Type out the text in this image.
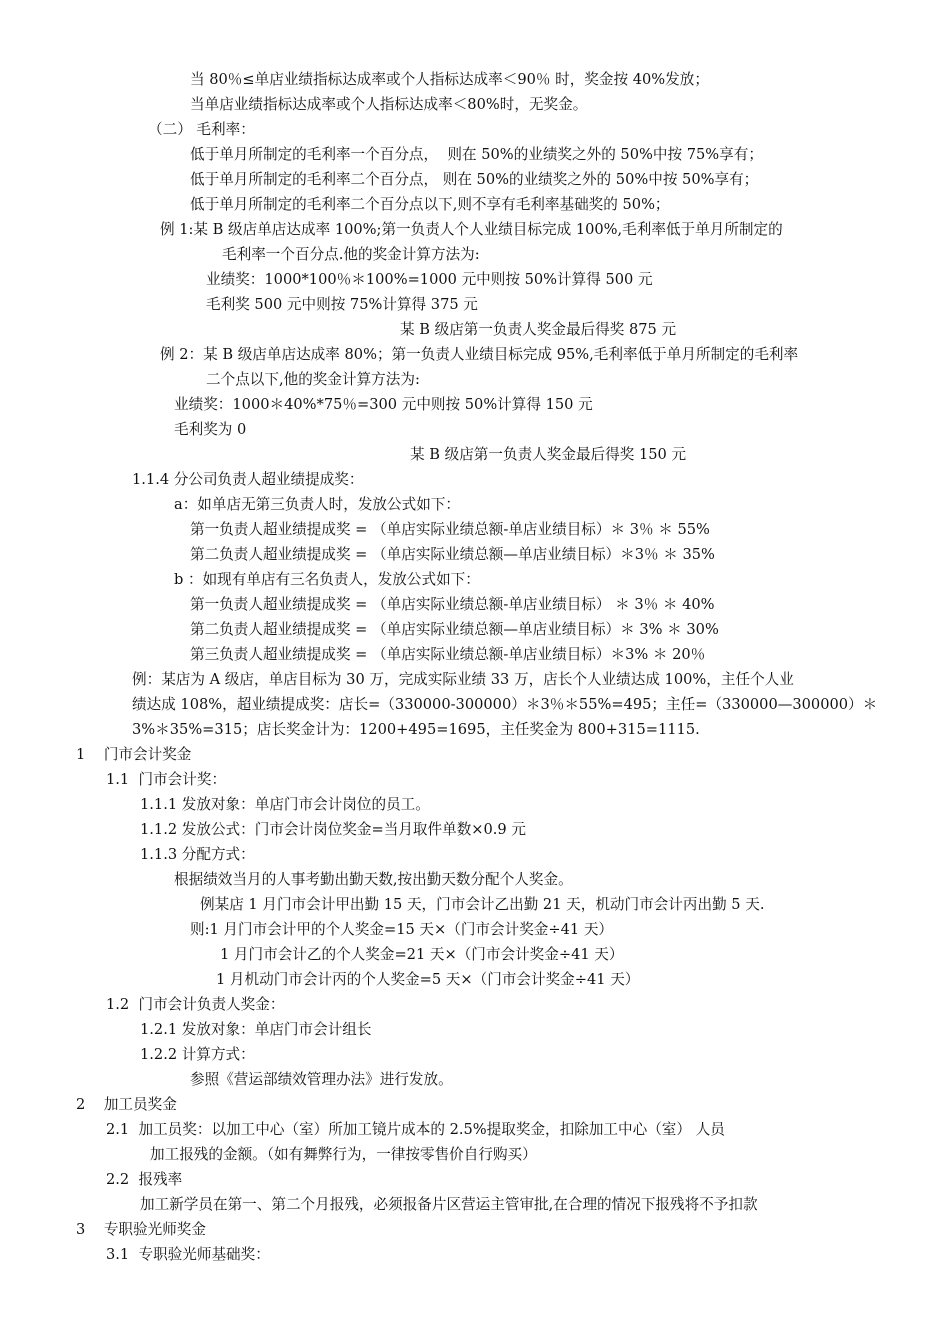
当 80％≤单店业绩指标达成率或个人指标达成率＜90％ 时，奖金按 40%发放；
当单店业绩指标达成率或个人指标达成率＜80%时，无奖金。
（二） 毛利率：
低于单月所制定的毛利率一个百分点，  则在 50%的业绩奖之外的 50%中按 75%享有；
低于单月所制定的毛利率二个百分点， 则在 50%的业绩奖之外的 50%中按 50%享有；
低于单月所制定的毛利率二个百分点以下,则不享有毛利率基础奖的 50%；
例 1:某 B 级店单店达成率 100%;第一负责人个人业绩目标完成 100%,毛利率低于单月所制定的
毛利率一个百分点.他的奖金计算方法为:
业绩奖：1000*100％＊100%=1000 元中则按 50%计算得 500 元
毛利奖 500 元中则按 75%计算得 375 元
某 B 级店第一负责人奖金最后得奖 875 元
例 2：某 B 级店单店达成率 80%；第一负责人业绩目标完成 95%,毛利率低于单月所制定的毛利率
二个点以下,他的奖金计算方法为:
业绩奖：1000＊40%*75％=300 元中则按 50%计算得 150 元
毛利奖为 0
某 B 级店第一负责人奖金最后得奖 150 元
1.1.4 分公司负责人超业绩提成奖：
a：如单店无第三负责人时，发放公式如下：
第一负责人超业绩提成奖 = （单店实际业绩总额-单店业绩目标）＊ 3％ ＊ 55%
第二负责人超业绩提成奖 = （单店实际业绩总额—单店业绩目标）＊3％ ＊ 35%
b ：如现有单店有三名负责人，发放公式如下：
第一负责人超业绩提成奖 = （单店实际业绩总额-单店业绩目标） ＊ 3％ ＊ 40%
第二负责人超业绩提成奖 = （单店实际业绩总额—单店业绩目标）＊ 3% ＊ 30%
第三负责人超业绩提成奖 = （单店实际业绩总额-单店业绩目标）＊3% ＊ 20％
例：某店为 A 级店，单店目标为 30 万，完成实际业绩 33 万，店长个人业绩达成 100%，主任个人业
绩达成 108%，超业绩提成奖：店长=（330000-300000）＊3％＊55%=495；主任=（330000—300000）＊
3%＊35%=315；店长奖金计为：1200+495=1695，主任奖金为 800+315=1115.
1    门市会计奖金
1.1  门市会计奖：
1.1.1 发放对象：单店门市会计岗位的员工。
1.1.2 发放公式：门市会计岗位奖金=当月取件单数×0.9 元
1.1.3 分配方式：
根据绩效当月的人事考勤出勤天数,按出勤天数分配个人奖金。
例某店 1 月门市会计甲出勤 15 天，门市会计乙出勤 21 天，机动门市会计丙出勤 5 天.
则:1 月门市会计甲的个人奖金=15 天×（门市会计奖金÷41 天）
1 月门市会计乙的个人奖金=21 天×（门市会计奖金÷41 天）
1 月机动门市会计丙的个人奖金=5 天×（门市会计奖金÷41 天）
1.2  门市会计负责人奖金：
1.2.1 发放对象：单店门市会计组长
1.2.2 计算方式：
参照《营运部绩效管理办法》进行发放。
2    加工员奖金
2.1  加工员奖：以加工中心（室）所加工镜片成本的 2.5%提取奖金，扣除加工中心（室） 人员
加工报残的金额。（如有舞弊行为，一律按零售价自行购买）
2.2  报残率
加工新学员在第一、第二个月报残，必须报备片区营运主管审批,在合理的情况下报残将不予扣款
3    专职验光师奖金
3.1  专职验光师基础奖：
